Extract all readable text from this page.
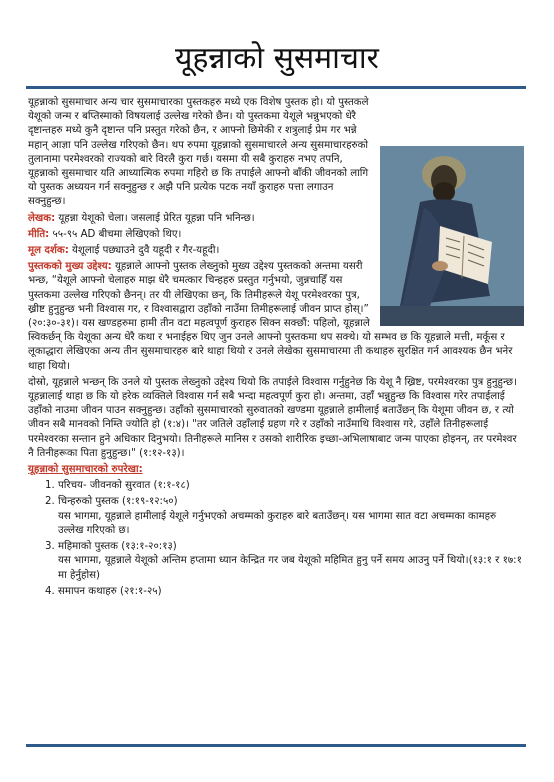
यूहन्नाको सुसमाचार

यूहन्नाको सुसमाचार अन्य चार सुसमाचारका पुस्तकहरु मध्ये एक विशेष पुस्तक हो। यो पुस्तकले येशूको जन्म र बप्तिस्माको विषयलाई उल्लेख गरेको छैन। यो पुस्तकमा येशूले भन्नुभएको धेरै दृष्टान्तहरु मध्ये कुनै दृष्टान्त पनि प्रस्तुत गरेको छैन, र आफ्नो छिमेकी र शत्रुलाई प्रेम गर भन्ने महान् आज्ञा पनि उल्लेख गरिएको छैन। थप रुपमा यूहन्नाको सुसमाचारले अन्य सुसमाचारहरुको तुलानामा परमेश्वरको राज्यको बारे विरलै कुरा गर्छ। यसमा यी सबै कुराहरु नभए तपनि, यूहन्नाको सुसमाचार यति आध्यात्मिक रुपमा गहिरो छ कि तपाईले आफ्नो बाँकी जीवनको लागि यो पुस्तक अध्ययन गर्न सक्नुहुन्छ र अझै पनि प्रत्येक पटक नयाँ कुराहरु पत्ता लगाउन सक्नुहुन्छ।

लेखक: यूहन्ना येशूको चेला। जसलाई प्रेरित यूहन्ना पनि भनिन्छ।

मीति: ५५-९५ AD बीचमा लेखिएको थिए।

मूल दर्शक: येशूलाई पछ्याउने दुवै यहूदी र गैर-यहूदी।

पुस्तकको मुख्य उद्देश्य: यूहन्नाले आफ्नो पुस्तक लेख्नुको मुख्य उद्देश्य पुस्तकको अन्तमा यसरी भन्छ, “येशूले आफ्नो चेलाहरु माझ धेरै चमत्कार चिन्हहरु प्रस्तुत गर्नुभयो, जुन्नचाहिँ यस पुस्तकमा उल्लेख गरिएको छैनन्। तर यी लेखिएका छन्, कि तिमीहरूले येशू परमेश्वरका पुत्र, ख्रीष्ट हुनुहुन्छ भनी विश्वास गर, र विश्वासद्वारा उहाँको नाउँमा तिमीहरूलाई जीवन प्राप्त होस्।” (२०:३०-३१)। यस खण्डहरुमा हामी तीन वटा महत्वपूर्ण कुराहरु सिक्न सक्छौं: पहिलो, यूहन्नाले स्विकर्छन् कि येशूका अन्य धेरै कथा र भनाईहरु थिए जुन उनले आफ्नो पुस्तकमा थप सक्थे। यो सम्भव छ कि यूहन्नाले मत्ती, मर्कूस र लूकाद्धारा लेखिएका अन्य तीन सुसमाचारहरु बारे थाहा थियो र उनले लेखेका सुसमाचारमा ती कथाहरु सुरक्षित गर्न आवश्यक छैन भनेर थाहा थियो।

दोस्रो, यूहन्नाले भन्छन् कि उनले यो पुस्तक लेख्नुको उद्देश्य थियो कि तपाईले विश्वास गर्नुहुनेछ कि येशू नै ख्रिष्ट, परमेश्वरका पुत्र हुनुहुन्छ। यूहन्नालाई थाहा छ कि यो हरेक व्यक्तिले विश्वास गर्न सबै भन्दा महत्वपूर्ण कुरा हो। अन्तमा, उहाँ भन्नुहुन्छ कि विश्वास गरेर तपाईलाई उहाँको नाउमा जीवन पाउन सक्नुहुन्छ। उहाँको सुसमाचारको सुरुवातको खण्डमा यूहन्नाले हामीलाई बताउँछन् कि येशूमा जीवन छ, र त्यो जीवन सबै मानवको निम्ति ज्योति हो (१:४)। "तर जतिले उहाँलाई ग्रहण गरे र उहाँको नाउँमाथि विश्वास गरे, उहाँले तिनीहरूलाई परमेश्वरका सन्तान हुने अधिकार दिनुभयो। तिनीहरूले मानिस र उसको शारीरिक इच्छा-अभिलाषाबाट जन्म पाएका होइनन्, तर परमेश्वर नै तिनीहरूका पिता हुनुहुन्छ।" (१:१२-१३)।

यूहन्नाको सुसमाचारको रुपरेखा:
1. परिचय- जीवनको सुरवात (१:१-१८)
2. चिन्हरुको पुस्तक (१:१९-१२:५०)
यस भागमा, यूहन्नाले हामीलाई येशूले गर्नुभएको अचम्मको कुराहरु बारे बताउँछन्। यस भागमा सात वटा अचम्मका कामहरु उल्लेख गरिएको छ।
3. महिमाको पुस्तक (१३:१-२०:१३)
यस भागमा, यूहन्नाले येशूको अन्तिम हप्तामा ध्यान केन्द्रित गर जब येशूको महिमित हुनु पर्ने समय आउनु पर्ने थियो।(१३:१ र १७:१ मा हेर्नुहोस)
4. समापन कथाहरु (२१:१-२५)
